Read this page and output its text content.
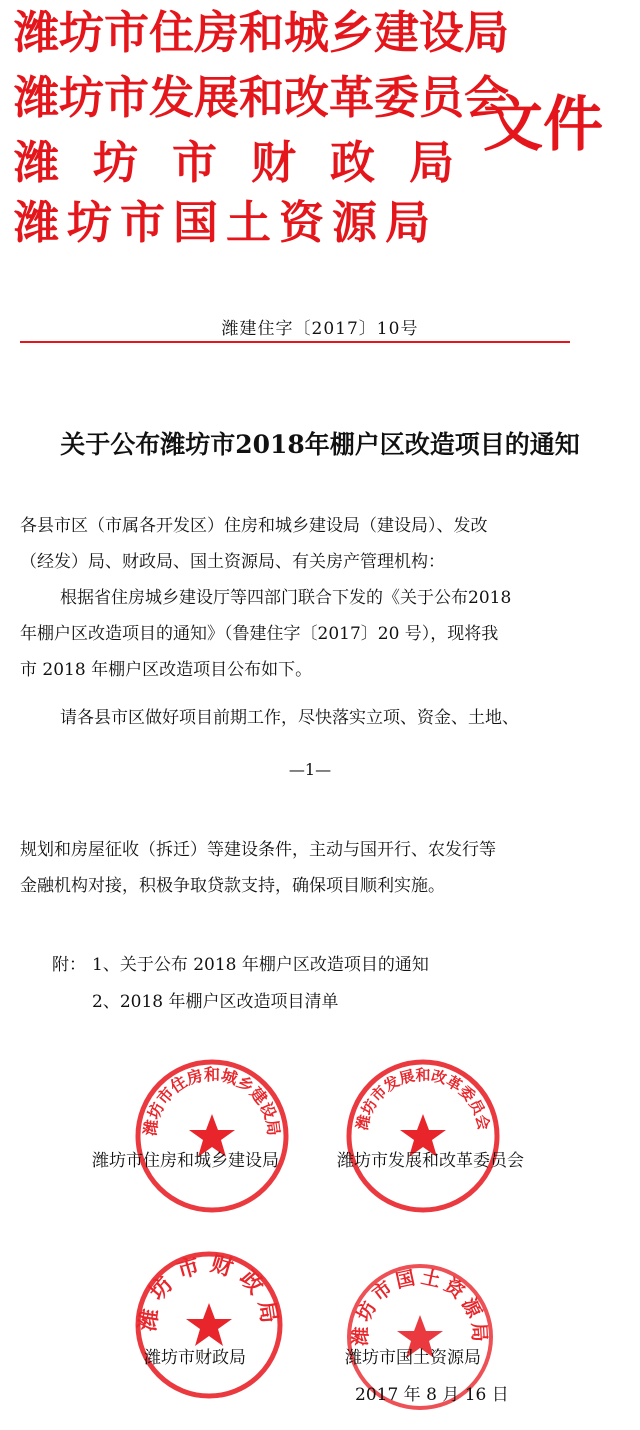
潍坊市住房和城乡建设局
潍坊市发展和改革委员会
潍坊市财政局
潍坊市国土资源局
文件
潍建住字〔2017〕10号
关于公布潍坊市2018年棚户区改造项目的通知
各县市区（市属各开发区）住房和城乡建设局（建设局）、发改
（经发）局、财政局、国土资源局、有关房产管理机构：
根据省住房城乡建设厅等四部门联合下发的《关于公布2018
年棚户区改造项目的通知》（鲁建住字〔2017〕20 号），现将我
市 2018 年棚户区改造项目公布如下。
请各县市区做好项目前期工作，尽快落实立项、资金、土地、
—1—
规划和房屋征收（拆迁）等建设条件，主动与国开行、农发行等
金融机构对接，积极争取贷款支持，确保项目顺利实施。
附： 1、关于公布 2018 年棚户区改造项目的通知
2、2018 年棚户区改造项目清单
潍坊市住房和城乡建设局	潍坊市发展和改革委员会
潍坊市财政局
潍坊市国土资源局
潍坊市住房和城乡建设局	潍坊市发展和改革委员会
潍坊市财政局	潍坊市国土资源局
2017 年 8 月 16 日
